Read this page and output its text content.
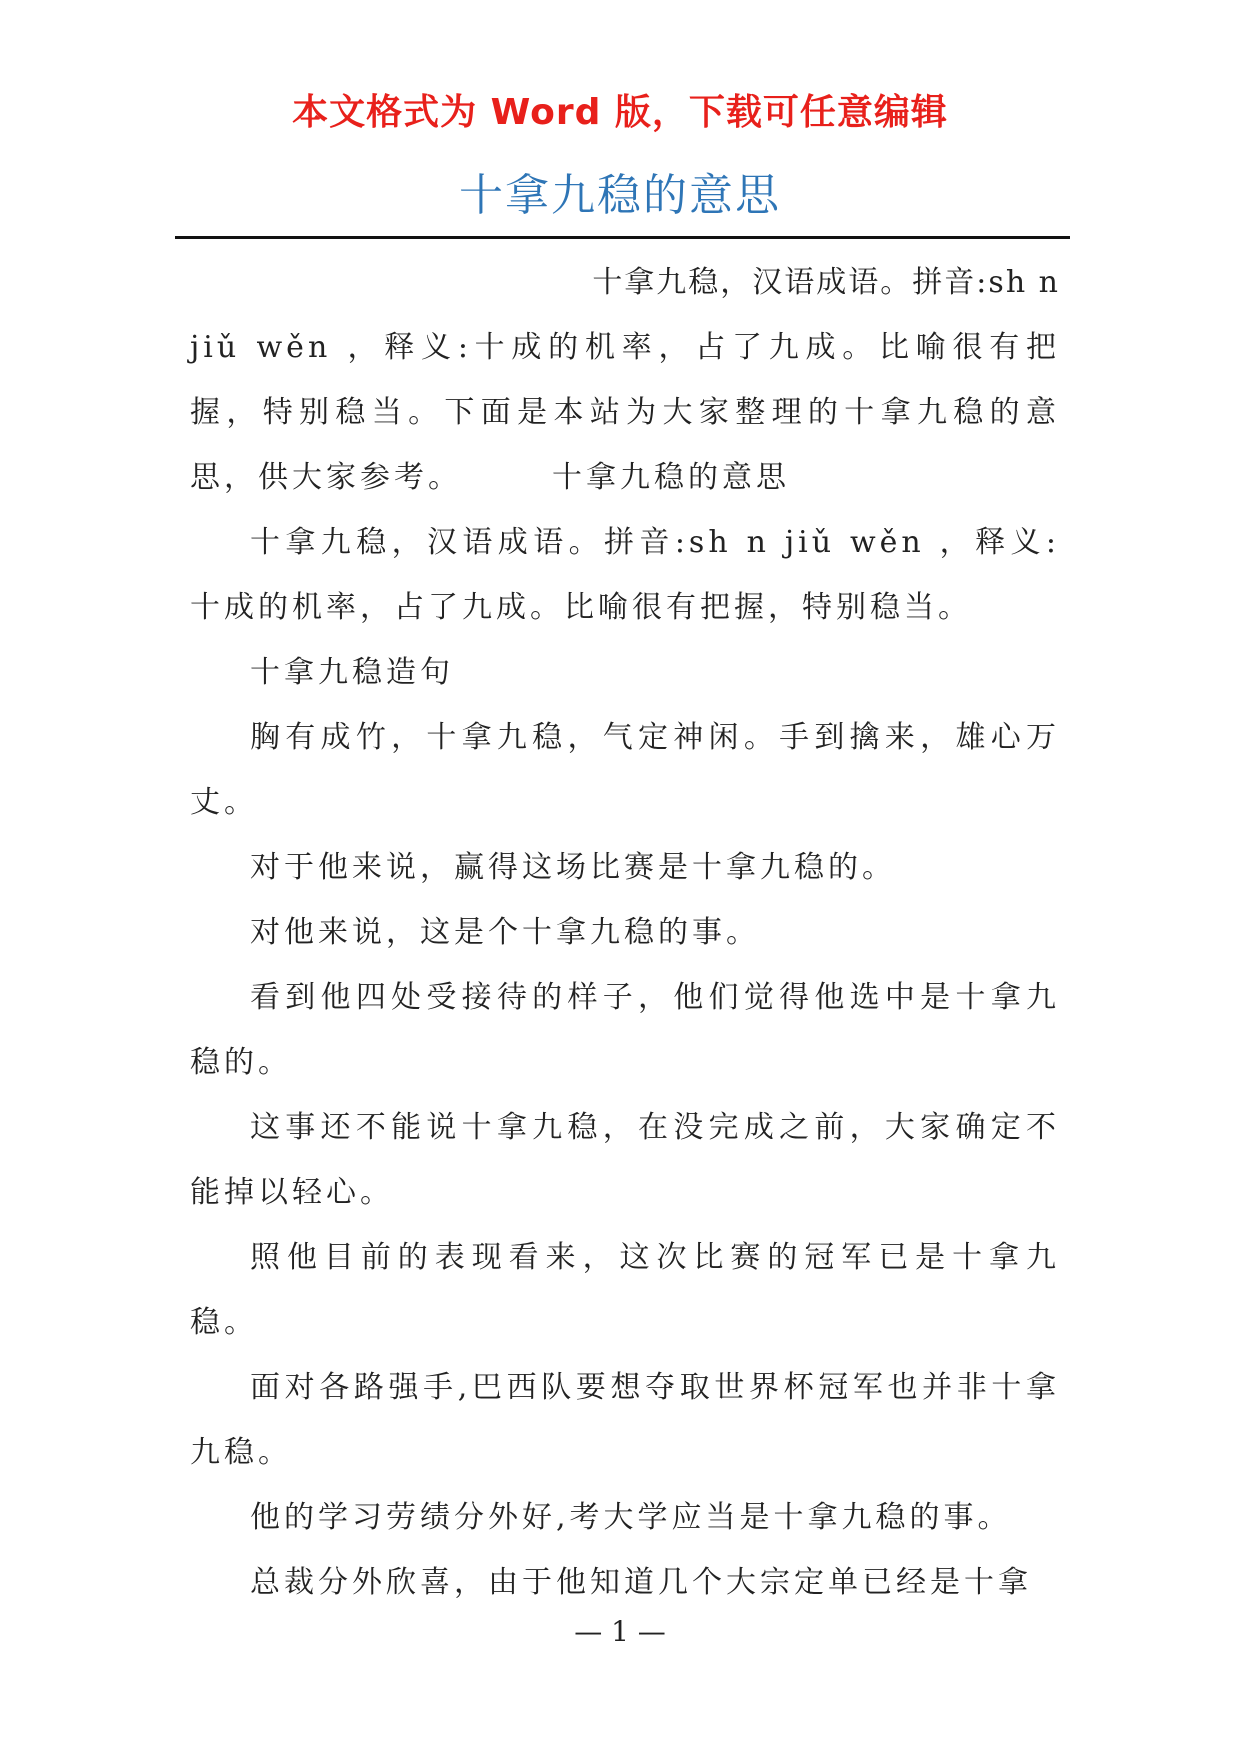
本文格式为 Word 版，下载可任意编辑
十拿九稳的意思

十拿九稳，汉语成语。拼音:sh n
jiǔ wěn ，释义:十成的机率，占了九成。比喻很有把握，特别稳当。下面是本站为大家整理的十拿九稳的意思，供大家参考。	十拿九稳的意思

十拿九稳，汉语成语。拼音:sh n jiǔ wěn ，释义:十成的机率，占了九成。比喻很有把握，特别稳当。

十拿九稳造句

胸有成竹，十拿九稳，气定神闲。手到擒来，雄心万丈。

对于他来说，赢得这场比赛是十拿九稳的。

对他来说，这是个十拿九稳的事。

看到他四处受接待的样子，他们觉得他选中是十拿九稳的。

这事还不能说十拿九稳，在没完成之前，大家确定不能掉以轻心。

照他目前的表现看来，这次比赛的冠军已是十拿九稳。

面对各路强手,巴西队要想夺取世界杯冠军也并非十拿九稳。

他的学习劳绩分外好,考大学应当是十拿九稳的事。

总裁分外欣喜，由于他知道几个大宗定单已经是十拿

— 1 —
